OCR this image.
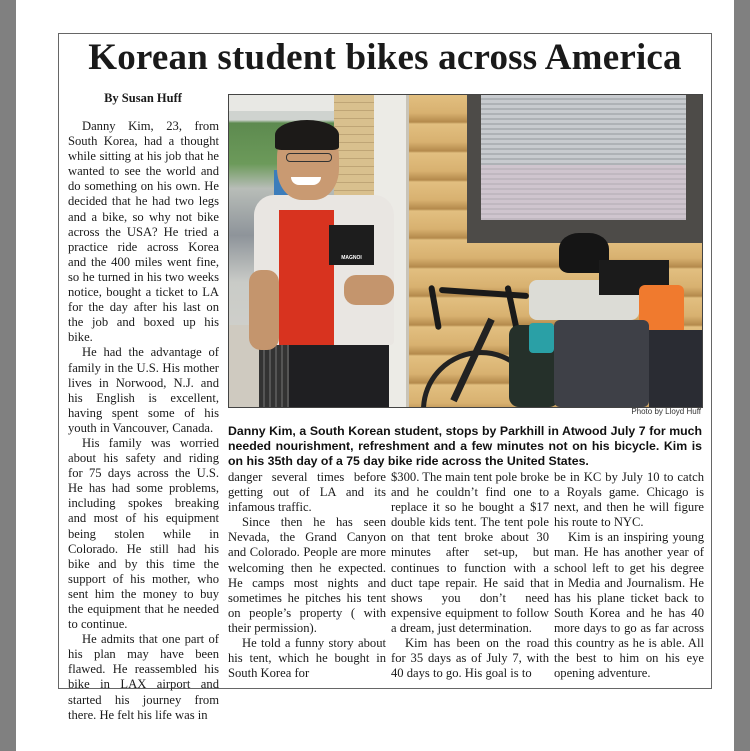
Korean student bikes across America
By Susan Huff

Danny Kim, 23, from South Korea, had a thought while sitting at his job that he wanted to see the world and do something on his own. He decided that he had two legs and a bike, so why not bike across the USA? He tried a practice ride across Korea and the 400 miles went fine, so he turned in his two weeks notice, bought a ticket to LA for the day after his last on the job and boxed up his bike.

He had the advantage of family in the U.S. His mother lives in Norwood, N.J. and his English is excellent, having spent some of his youth in Vancouver, Canada.

His family was worried about his safety and riding for 75 days across the U.S. He has had some problems, including spokes breaking and most of his equipment being stolen while in Colorado. He still had his bike and by this time the support of his mother, who sent him the money to buy the equipment that he needed to continue.

He admits that one part of his plan may have been flawed. He reassembled his bike in LAX airport and started his journey from there. He felt his life was in

MAGNOI
Photo by Lloyd Huff
Danny Kim, a South Korean student, stops by Parkhill in Atwood July 7 for much needed nourishment, refreshment and a few minutes not on his bicycle. Kim is on his 35th day of a 75 day bike ride across the United States.

danger several times before getting out of LA and its infamous traffic.

Since then he has seen Nevada, the Grand Canyon and Colorado. People are more welcoming then he expected. He camps most nights and sometimes he pitches his tent on people’s property ( with their permission).

He told a funny story about his tent, which he bought in South Korea for

$300. The main tent pole broke and he couldn’t find one to replace it so he bought a $17 double kids tent. The tent pole on that tent broke about 30 minutes after set-up, but continues to function with a duct tape repair. He said that shows you don’t need expensive equipment to follow a dream, just determination.

Kim has been on the road for 35 days as of July 7, with 40 days to go. His goal is to

be in KC by July 10 to catch a Royals game. Chicago is next, and then he will figure his route to NYC.

Kim is an inspiring young man. He has another year of school left to get his degree in Media and Journalism. He has his plane ticket back to South Korea and he has 40 more days to go as far across this country as he is able. All the best to him on his eye opening adventure.
